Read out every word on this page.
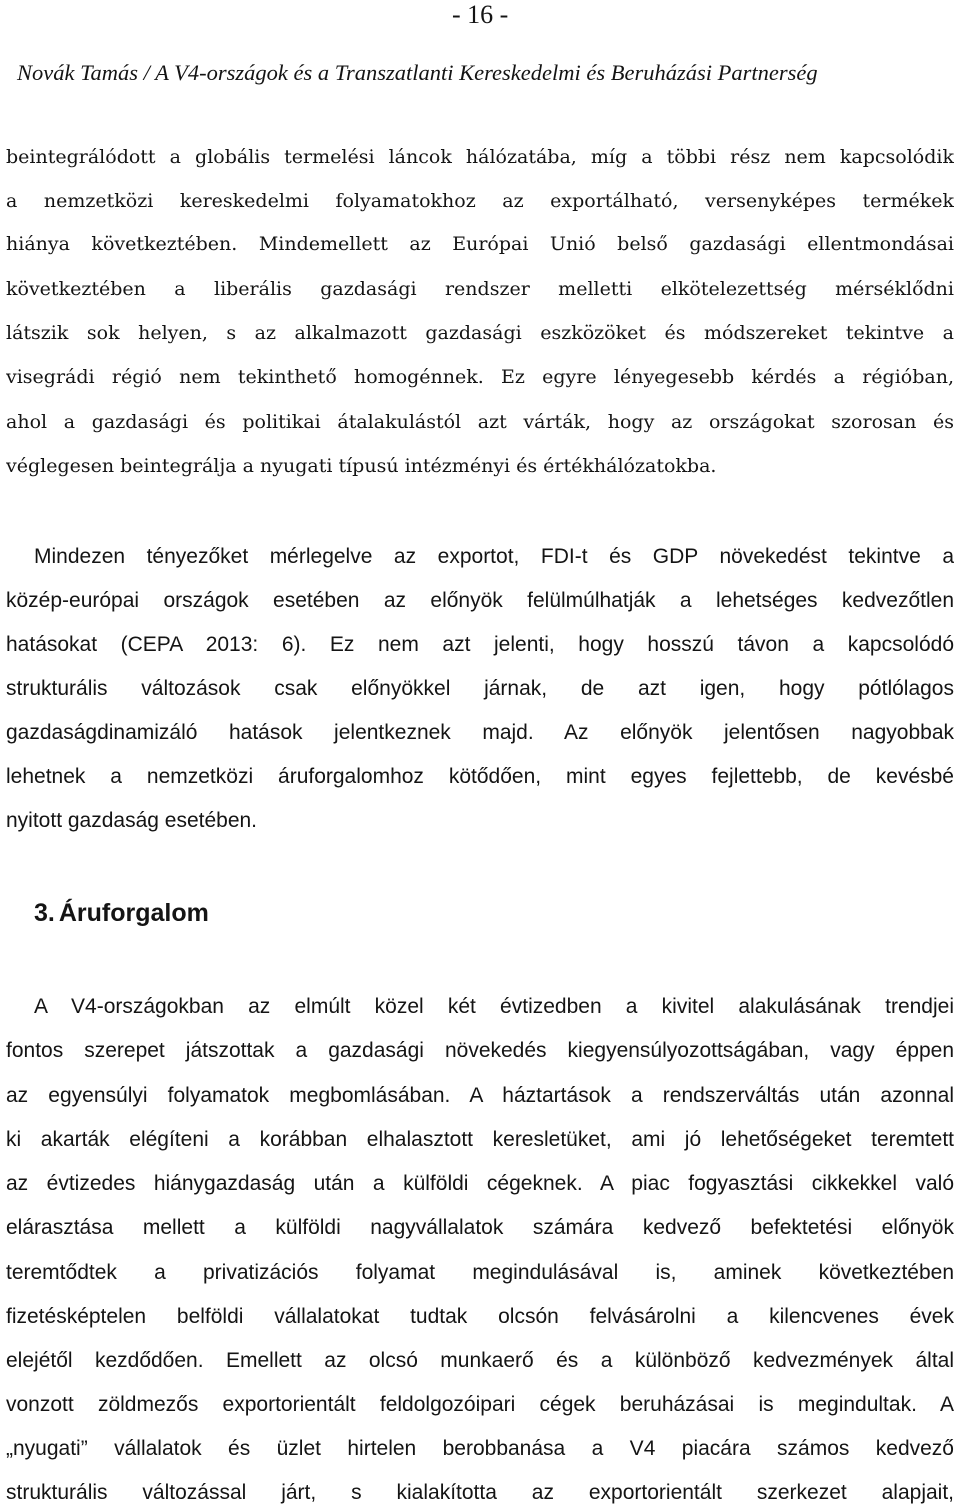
- 16 -
Novák Tamás / A V4-országok és a Transzatlanti Kereskedelmi és Beruházási Partnerség
beintegrálódott a globális termelési láncok hálózatába, míg a többi rész nem kapcsolódik
a nemzetközi kereskedelmi folyamatokhoz az exportálható, versenyképes termékek
hiánya következtében. Mindemellett az Európai Unió belső gazdasági ellentmondásai
következtében a liberális gazdasági rendszer melletti elkötelezettség mérséklődni
látszik sok helyen, s az alkalmazott gazdasági eszközöket és módszereket tekintve a
visegrádi régió nem tekinthető homogénnek. Ez egyre lényegesebb kérdés a régióban,
ahol a gazdasági és politikai átalakulástól azt várták, hogy az országokat szorosan és
véglegesen beintegrálja a nyugati típusú intézményi és értékhálózatokba.
Mindezen tényezőket mérlegelve az exportot, FDI-t és GDP növekedést tekintve a
közép-európai országok esetében az előnyök felülmúlhatják a lehetséges kedvezőtlen
hatásokat (CEPA 2013: 6). Ez nem azt jelenti, hogy hosszú távon a kapcsolódó
strukturális változások csak előnyökkel járnak, de azt igen, hogy pótlólagos
gazdaságdinamizáló hatások jelentkeznek majd. Az előnyök jelentősen nagyobbak
lehetnek a nemzetközi áruforgalomhoz kötődően, mint egyes fejlettebb, de kevésbé
nyitott gazdaság esetében.
3. Áruforgalom
A V4-országokban az elmúlt közel két évtizedben a kivitel alakulásának trendjei
fontos szerepet játszottak a gazdasági növekedés kiegyensúlyozottságában, vagy éppen
az egyensúlyi folyamatok megbomlásában. A háztartások a rendszerváltás után azonnal
ki akarták elégíteni a korábban elhalasztott keresletüket, ami jó lehetőségeket teremtett
az évtizedes hiánygazdaság után a külföldi cégeknek. A piac fogyasztási cikkekkel való
elárasztása mellett a külföldi nagyvállalatok számára kedvező befektetési előnyök
teremtődtek a privatizációs folyamat megindulásával is, aminek következtében
fizetésképtelen belföldi vállalatokat tudtak olcsón felvásárolni a kilencvenes évek
elejétől kezdődően. Emellett az olcsó munkaerő és a különböző kedvezmények által
vonzott zöldmezős exportorientált feldolgozóipari cégek beruházásai is megindultak. A
„nyugati” vállalatok és üzlet hirtelen berobbanása a V4 piacára számos kedvező
strukturális változással járt, s kialakította az exportorientált szerkezet alapjait,
